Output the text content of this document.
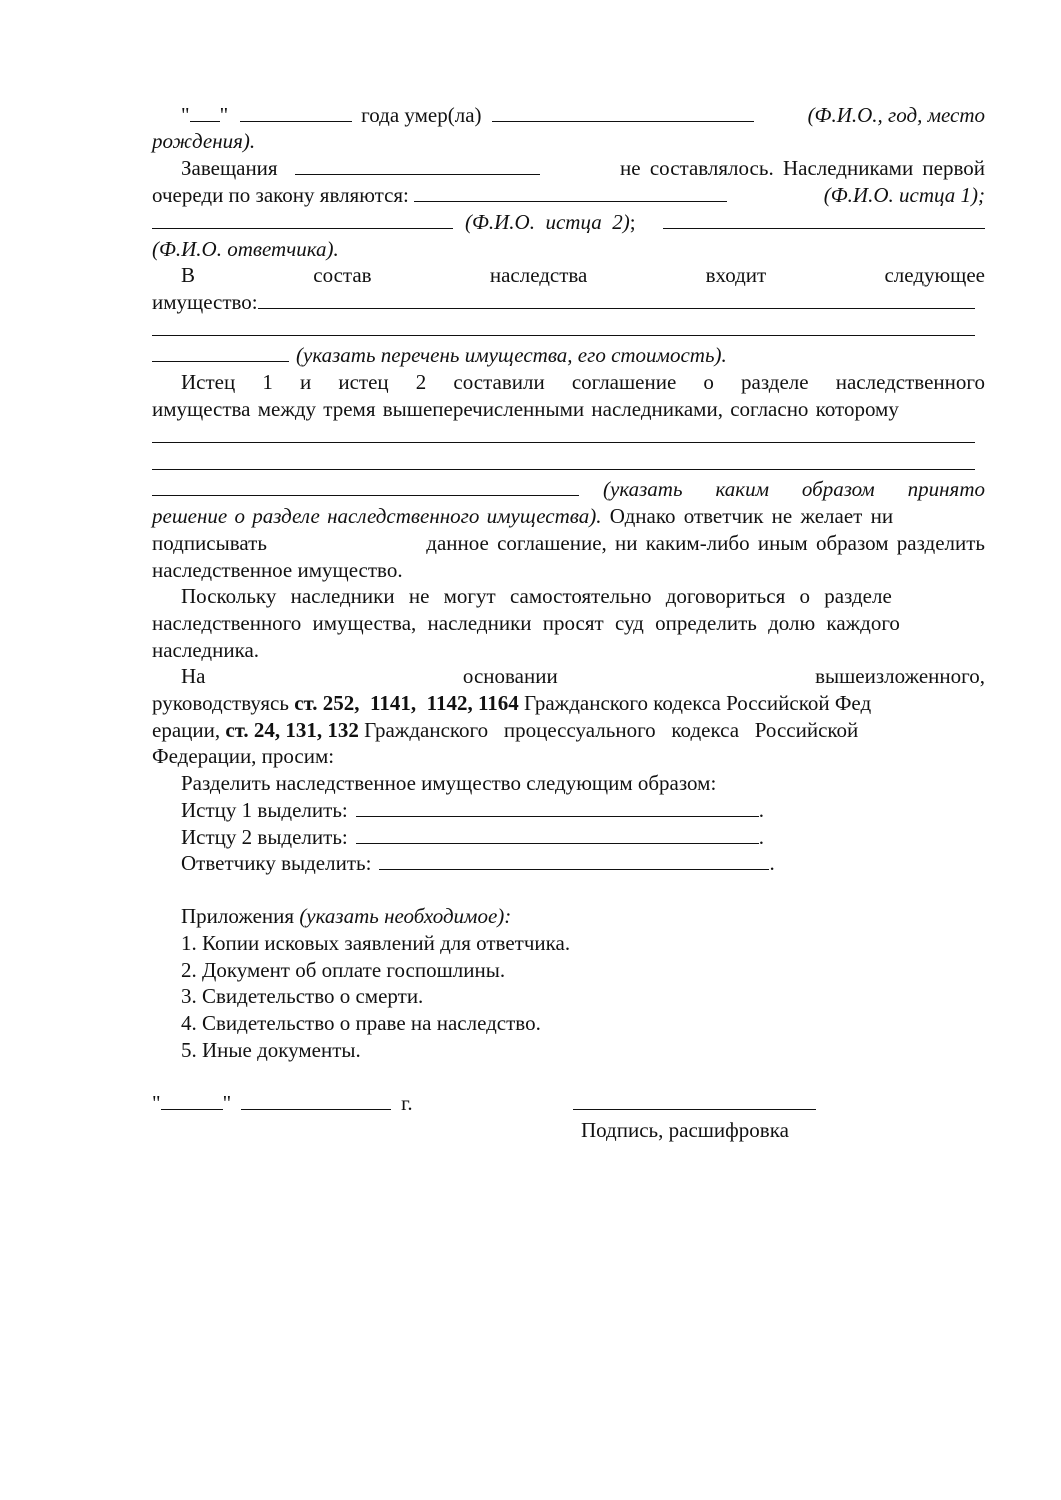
" "	года умер(ла)	(Ф.И.О., год, место
рождения).
Завещания	не составлялось. Наследниками первой
очереди по закону являются:	(Ф.И.О. истца 1);
(Ф.И.О.  истца  2) ;
(Ф.И.О. ответчика).
В	состав	наследства	входит	следующее
имущество:
(указать перечень имущества, его стоимость).
Истец 1 и истец 2 составили соглашение о разделе наследственного
имущества между тремя вышеперечисленными наследниками, согласно которому
(указать каким образом принято
решение о разделе наследственного имущества). Однако ответчик не желает ни
подписывать	данное соглашение, ни каким-либо иным образом разделить
наследственное имущество.
Поскольку наследники не могут самостоятельно договориться о разделе
наследственного имущества, наследники просят суд определить долю каждого
наследника.
На	основании	вышеизложенного,
руководствуясь ст. 252,  1141,  1142, 1164 Гражданского кодекса Российской Фед
ерации, ст. 24, 131, 132 Гражданского   процессуального   кодекса   Российской
Федерации, просим:
Разделить наследственное имущество следующим образом:
Истцу 1 выделить:	.
Истцу 2 выделить:	.
Ответчику выделить:	.
Приложения (указать необходимое):
1. Копии исковых заявлений для ответчика.
2. Документ об оплате госпошлины.
3. Свидетельство о смерти.
4. Свидетельство о праве на наследство.
5. Иные документы.
"	"	г.
Подпись, расшифровка
